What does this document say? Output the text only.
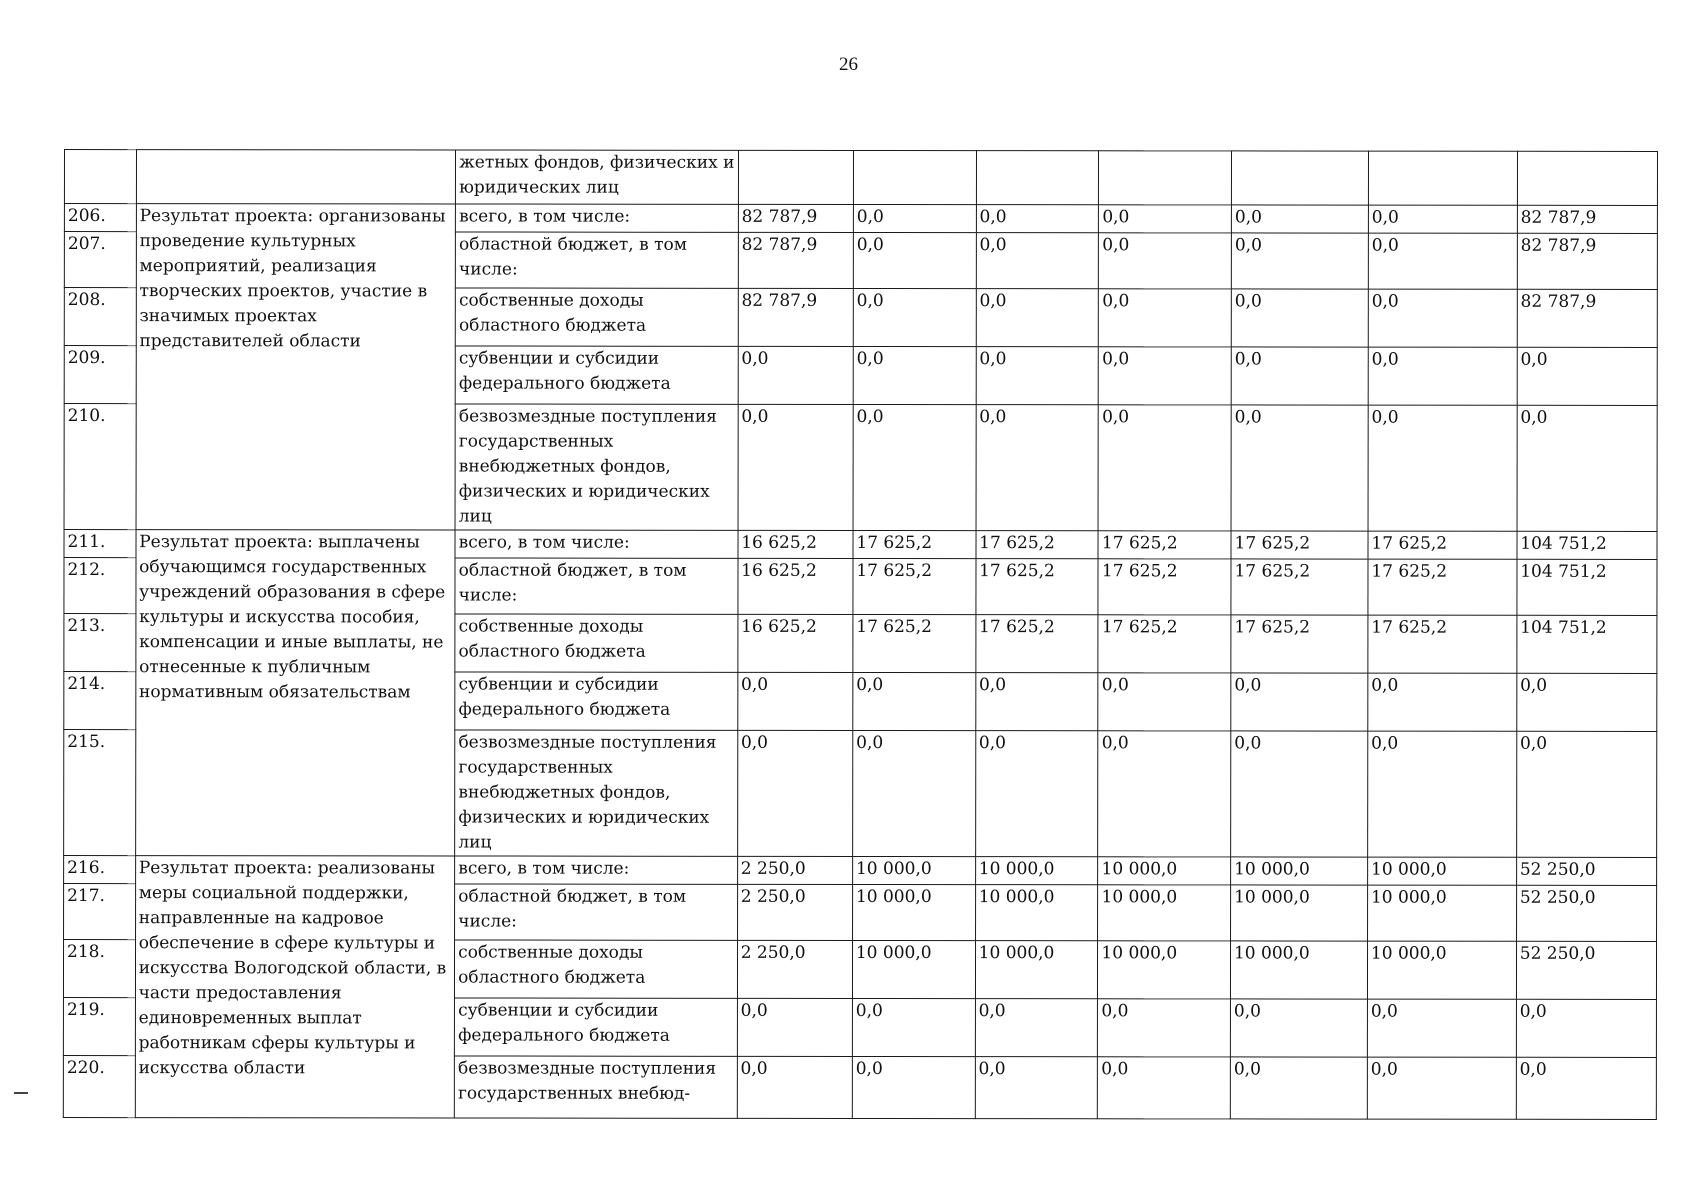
26
		жетных фондов, физических и юридических лиц							
206.	Результат проекта: организованы проведение культурных мероприятий, реализация творческих проектов, участие в значимых проектах представителей области	всего, в том числе:	82 787,9	0,0	0,0	0,0	0,0	0,0	82 787,9
207.		областной бюджет, в том числе:	82 787,9	0,0	0,0	0,0	0,0	0,0	82 787,9
208.		собственные доходы областного бюджета	82 787,9	0,0	0,0	0,0	0,0	0,0	82 787,9
209.		субвенции и субсидии федерального бюджета	0,0	0,0	0,0	0,0	0,0	0,0	0,0
210.		безвозмездные поступления государственных внебюджетных фондов, физических и юридических лиц	0,0	0,0	0,0	0,0	0,0	0,0	0,0
211.	Результат проекта: выплачены обучающимся государственных учреждений образования в сфере культуры и искусства пособия, компенсации и иные выплаты, не отнесенные к публичным нормативным обязательствам	всего, в том числе:	16 625,2	17 625,2	17 625,2	17 625,2	17 625,2	17 625,2	104 751,2
212.		областной бюджет, в том числе:	16 625,2	17 625,2	17 625,2	17 625,2	17 625,2	17 625,2	104 751,2
213.		собственные доходы областного бюджета	16 625,2	17 625,2	17 625,2	17 625,2	17 625,2	17 625,2	104 751,2
214.		субвенции и субсидии федерального бюджета	0,0	0,0	0,0	0,0	0,0	0,0	0,0
215.		безвозмездные поступления государственных внебюджетных фондов, физических и юридических лиц	0,0	0,0	0,0	0,0	0,0	0,0	0,0
216.	Результат проекта: реализованы меры социальной поддержки, направленные на кадровое обеспечение в сфере культуры и искусства Вологодской области, в части предоставления единовременных выплат работникам сферы культуры и искусства области	всего, в том числе:	2 250,0	10 000,0	10 000,0	10 000,0	10 000,0	10 000,0	52 250,0
217.		областной бюджет, в том числе:	2 250,0	10 000,0	10 000,0	10 000,0	10 000,0	10 000,0	52 250,0
218.		собственные доходы областного бюджета	2 250,0	10 000,0	10 000,0	10 000,0	10 000,0	10 000,0	52 250,0
219.		субвенции и субсидии федерального бюджета	0,0	0,0	0,0	0,0	0,0	0,0	0,0
220.		безвозмездные поступления государственных внебюд-	0,0	0,0	0,0	0,0	0,0	0,0	0,0
